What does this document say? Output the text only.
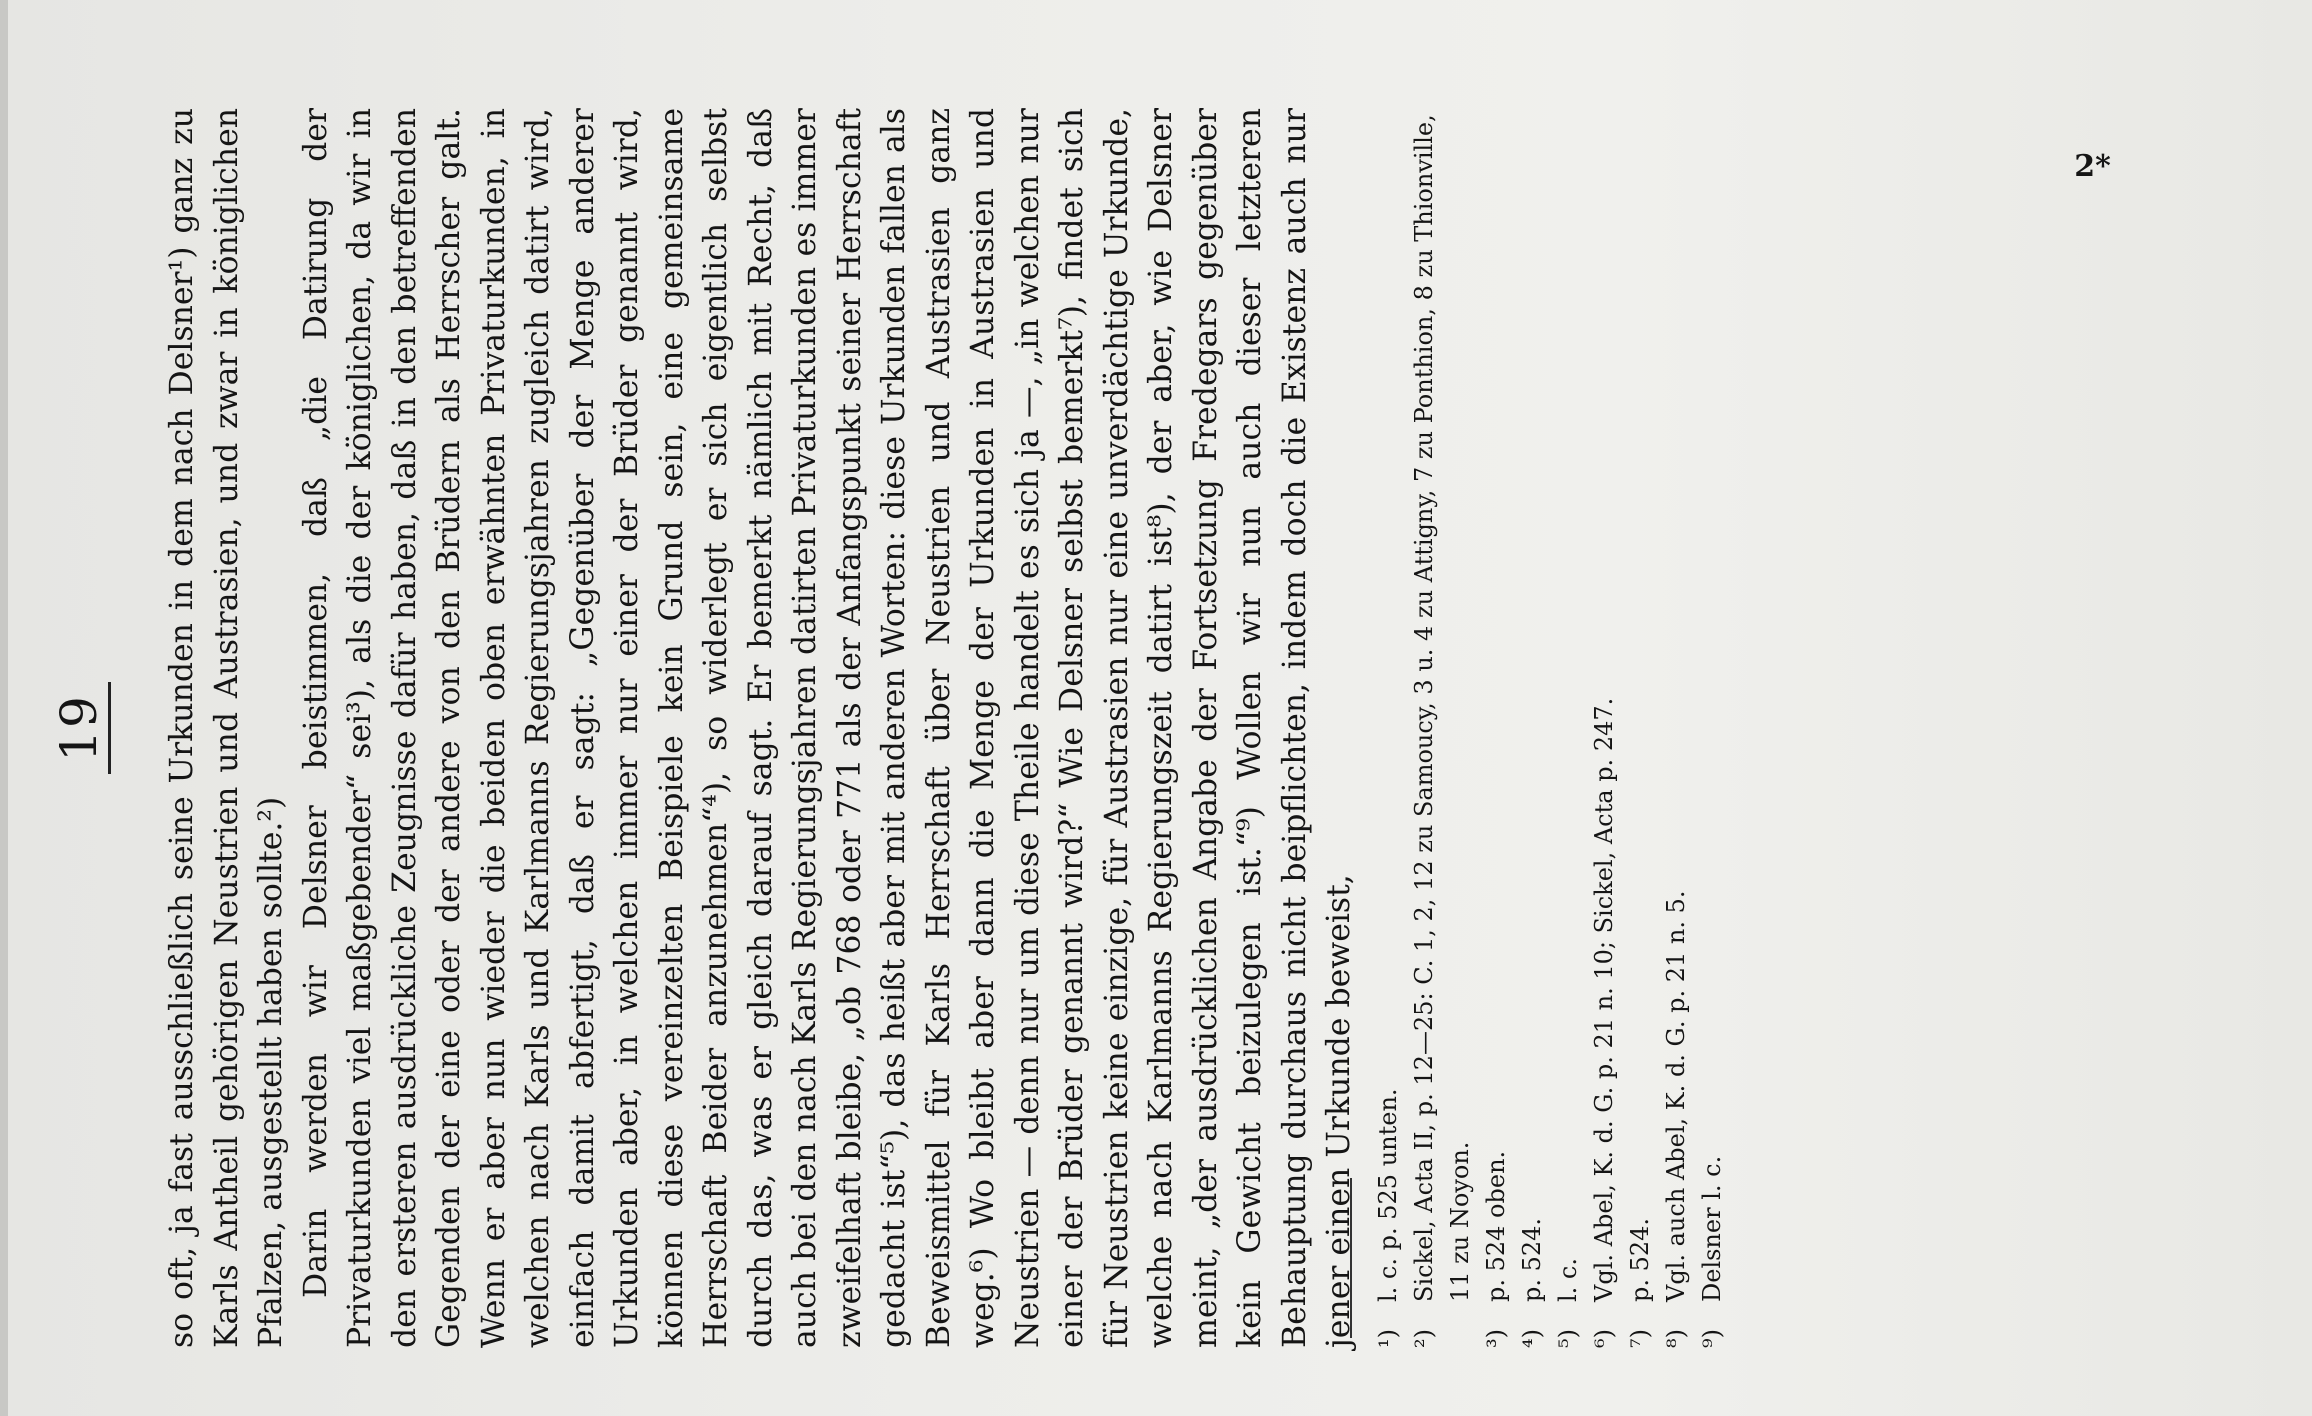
19 so oft, ja fast ausschließlich seine Urkunden in dem nach Delsner¹) ganz zu Karls Antheil gehörigen Neustrien und Austrasien, und zwar in königlichen Pfalzen, ausgestellt haben sollte.²) Darin werden wir Delsner beistimmen, daß „die Datirung der Privaturkunden viel maßgebender“ sei³), als die der königlichen, da wir in den ersteren ausdrückliche Zeugnisse dafür haben, daß in den betreffenden Gegenden der eine oder der andere von den Brüdern als Herrscher galt. Wenn er aber nun wieder die beiden oben erwähnten Privaturkunden, in welchen nach Karls und Karlmanns Regierungsjahren zugleich datirt wird, einfach damit abfertigt, daß er sagt: „Gegenüber der Menge anderer Urkunden aber, in welchen immer nur einer der Brüder genannt wird, können diese vereinzelten Beispiele kein Grund sein, eine gemeinsame Herrschaft Beider anzunehmen“⁴), so widerlegt er sich eigentlich selbst durch das, was er gleich darauf sagt. Er bemerkt nämlich mit Recht, daß auch bei den nach Karls Regierungsjahren datirten Privaturkunden es immer zweifelhaft bleibe, „ob 768 oder 771 als der Anfangspunkt seiner Herrschaft gedacht ist“⁵), das heißt aber mit anderen Worten: diese Urkunden fallen als Beweismittel für Karls Herrschaft über Neustrien und Austrasien ganz weg.⁶) Wo bleibt aber dann die Menge der Urkunden in Austrasien und Neustrien — denn nur um diese Theile handelt es sich ja —, „in welchen nur einer der Brüder genannt wird?“ Wie Delsner selbst bemerkt⁷), findet sich für Neustrien keine einzige, für Austrasien nur eine unverdächtige Urkunde, welche nach Karlmanns Regierungszeit datirt ist⁸), der aber, wie Delsner meint, „der ausdrücklichen Angabe der Fortsetzung Fredegars gegenüber kein Gewicht beizulegen ist.“⁹) Wollen wir nun auch dieser letzteren Behauptung durchaus nicht beipflichten, indem doch die Existenz auch nur jener einen Urkunde beweist, ¹)
l. c. p. 525 unten.
²)
Sickel, Acta II, p. 12—25: C. 1, 2, 12 zu Samoucy, 3 u. 4 zu Attigny, 7 zu Ponthion, 8 zu Thionville, 11 zu Noyon.
³)
p. 524 oben.
⁴)
p. 524.
⁵)
l. c.
⁶)
Vgl. Abel, K. d. G. p. 21 n. 10; Sickel, Acta p. 247.
⁷)
p. 524.
⁸)
Vgl. auch Abel, K. d. G. p. 21 n. 5.
⁹)
Delsner l. c.
2*
